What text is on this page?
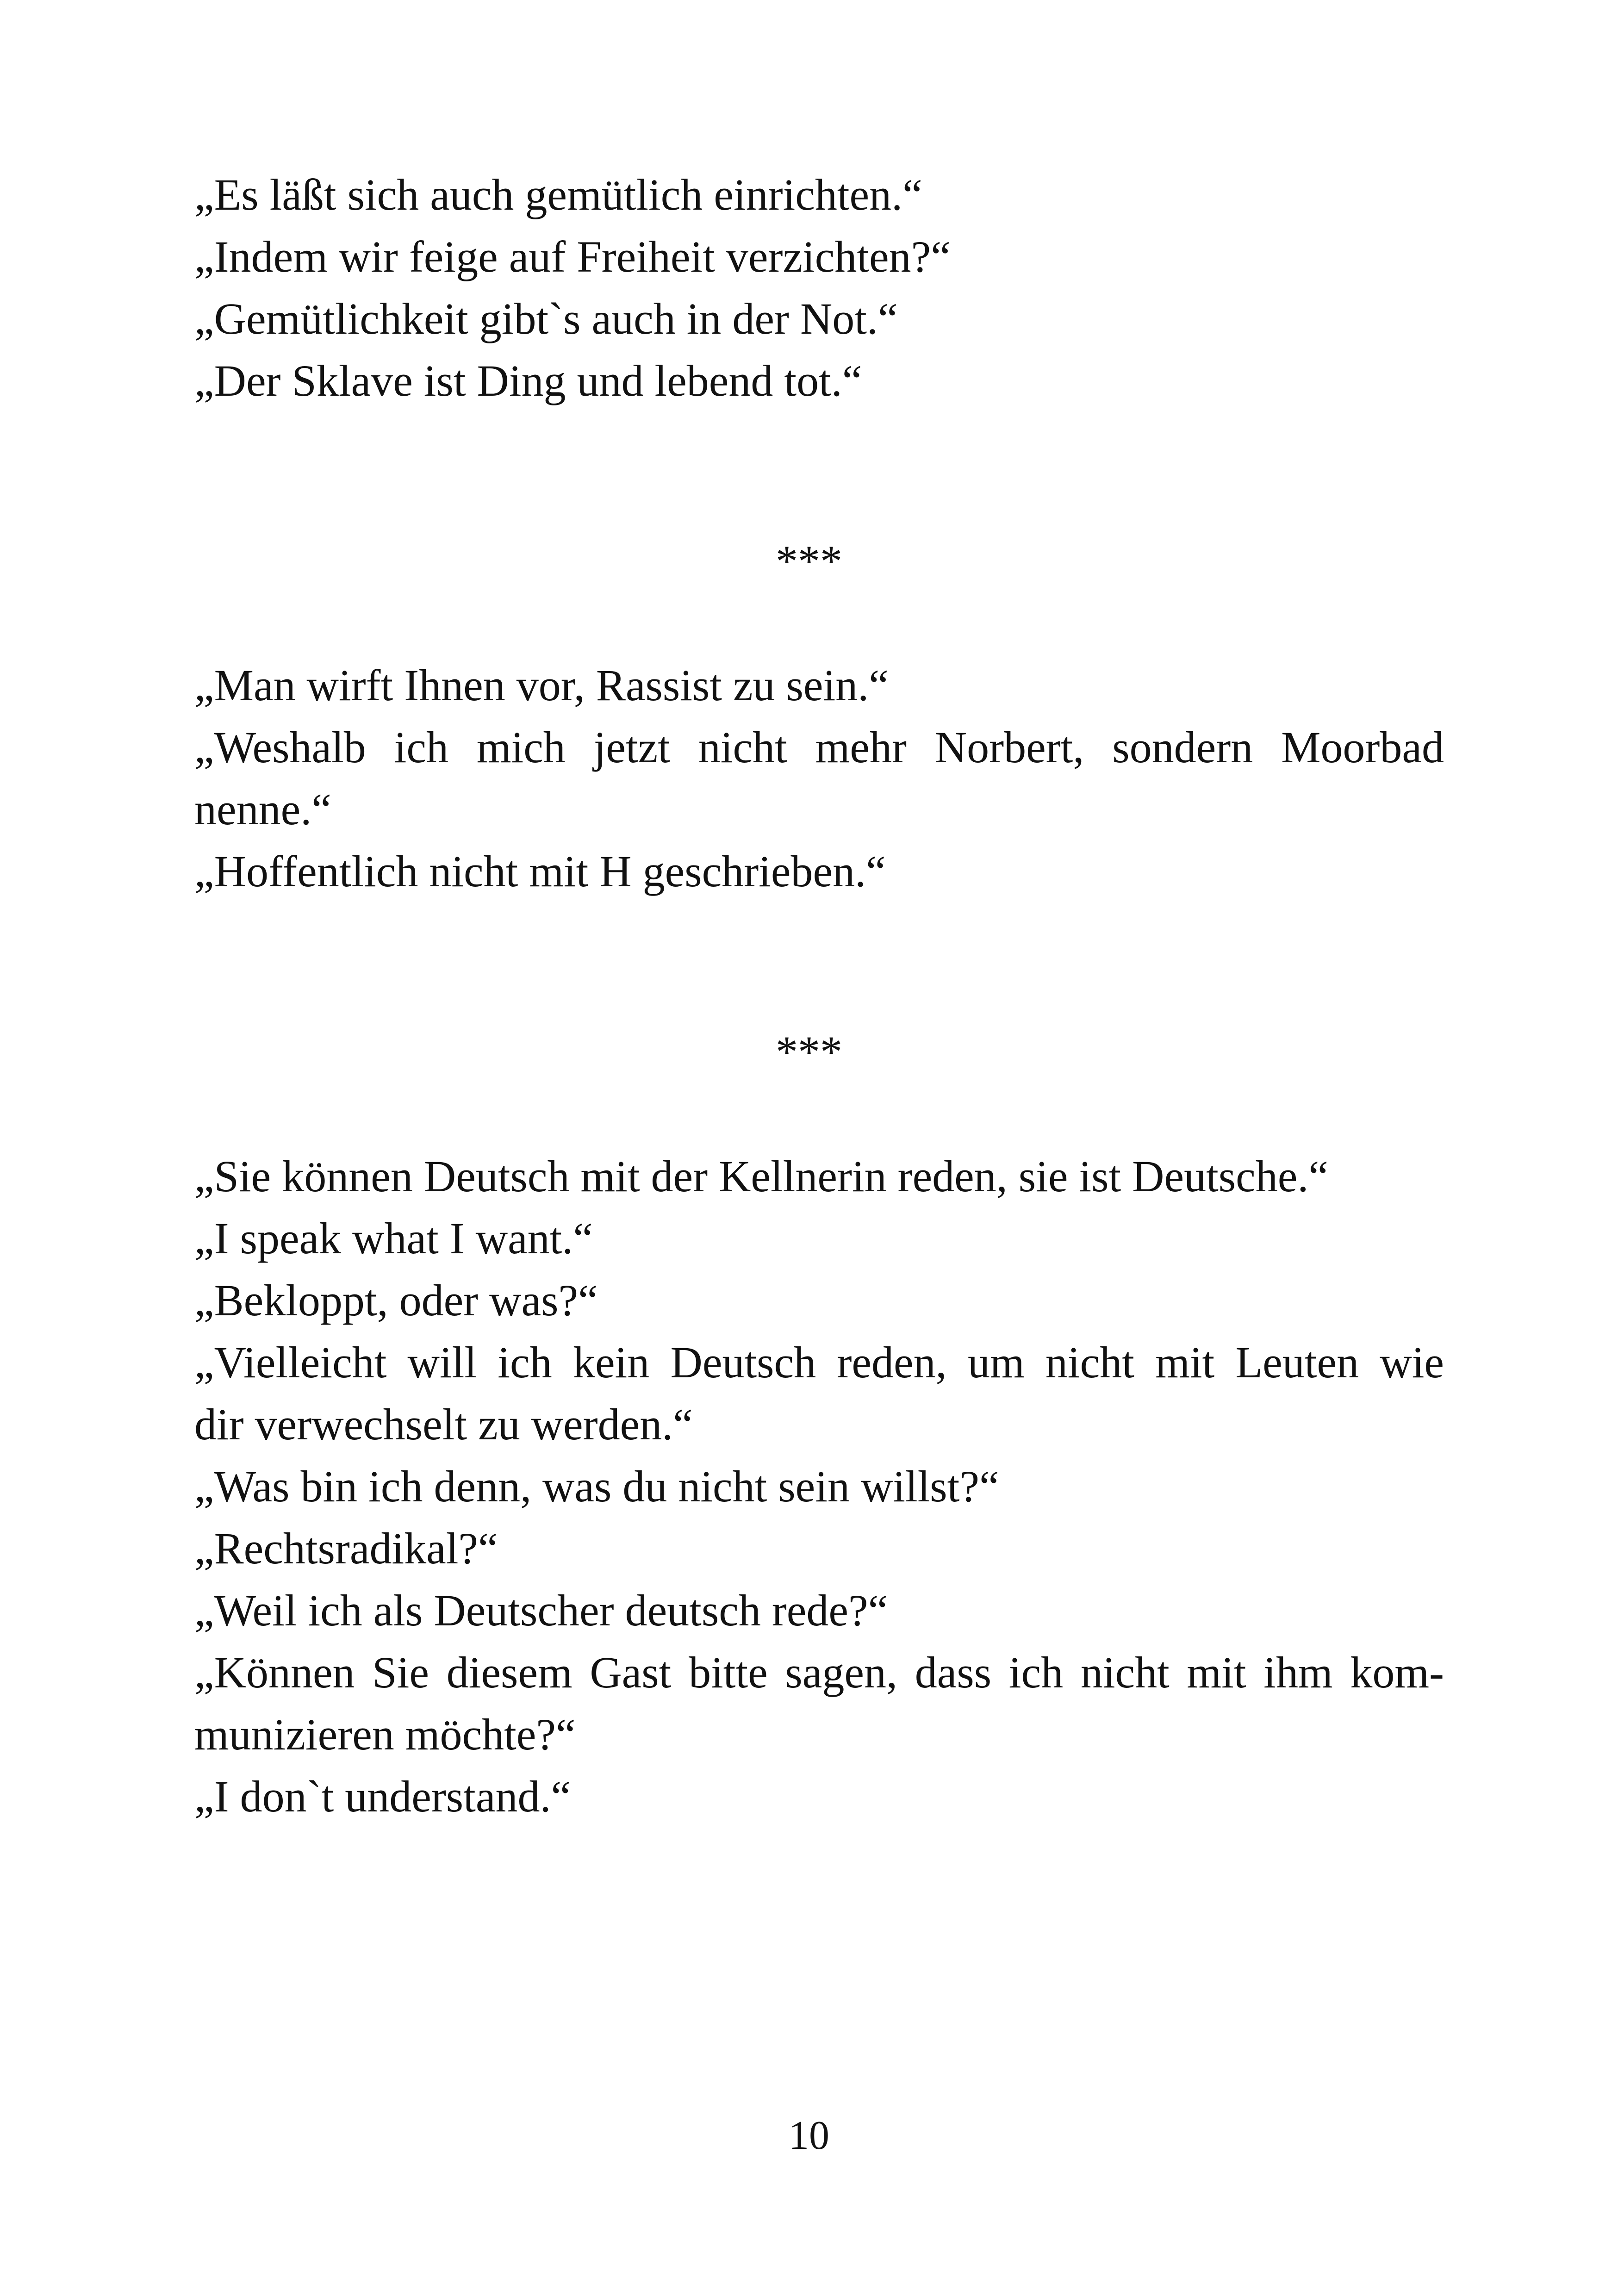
„Es läßt sich auch gemütlich einrichten.“
„Indem wir feige auf Freiheit verzichten?“
„Gemütlichkeit gibt`s auch in der Not.“
„Der Sklave ist Ding und lebend tot.“
***
„Man wirft Ihnen vor, Rassist zu sein.“
„Weshalb ich mich jetzt nicht mehr Norbert, sondern Moorbad
nenne.“
„Hoffentlich nicht mit H geschrieben.“
***
„Sie können Deutsch mit der Kellnerin reden, sie ist Deutsche.“
„I speak what I want.“
„Bekloppt, oder was?“
„Vielleicht will ich kein Deutsch reden, um nicht mit Leuten wie
dir verwechselt zu werden.“
„Was bin ich denn, was du nicht sein willst?“
„Rechtsradikal?“
„Weil ich als Deutscher deutsch rede?“
„Können Sie diesem Gast bitte sagen, dass ich nicht mit ihm kom-
munizieren möchte?“
„I don`t understand.“
10
